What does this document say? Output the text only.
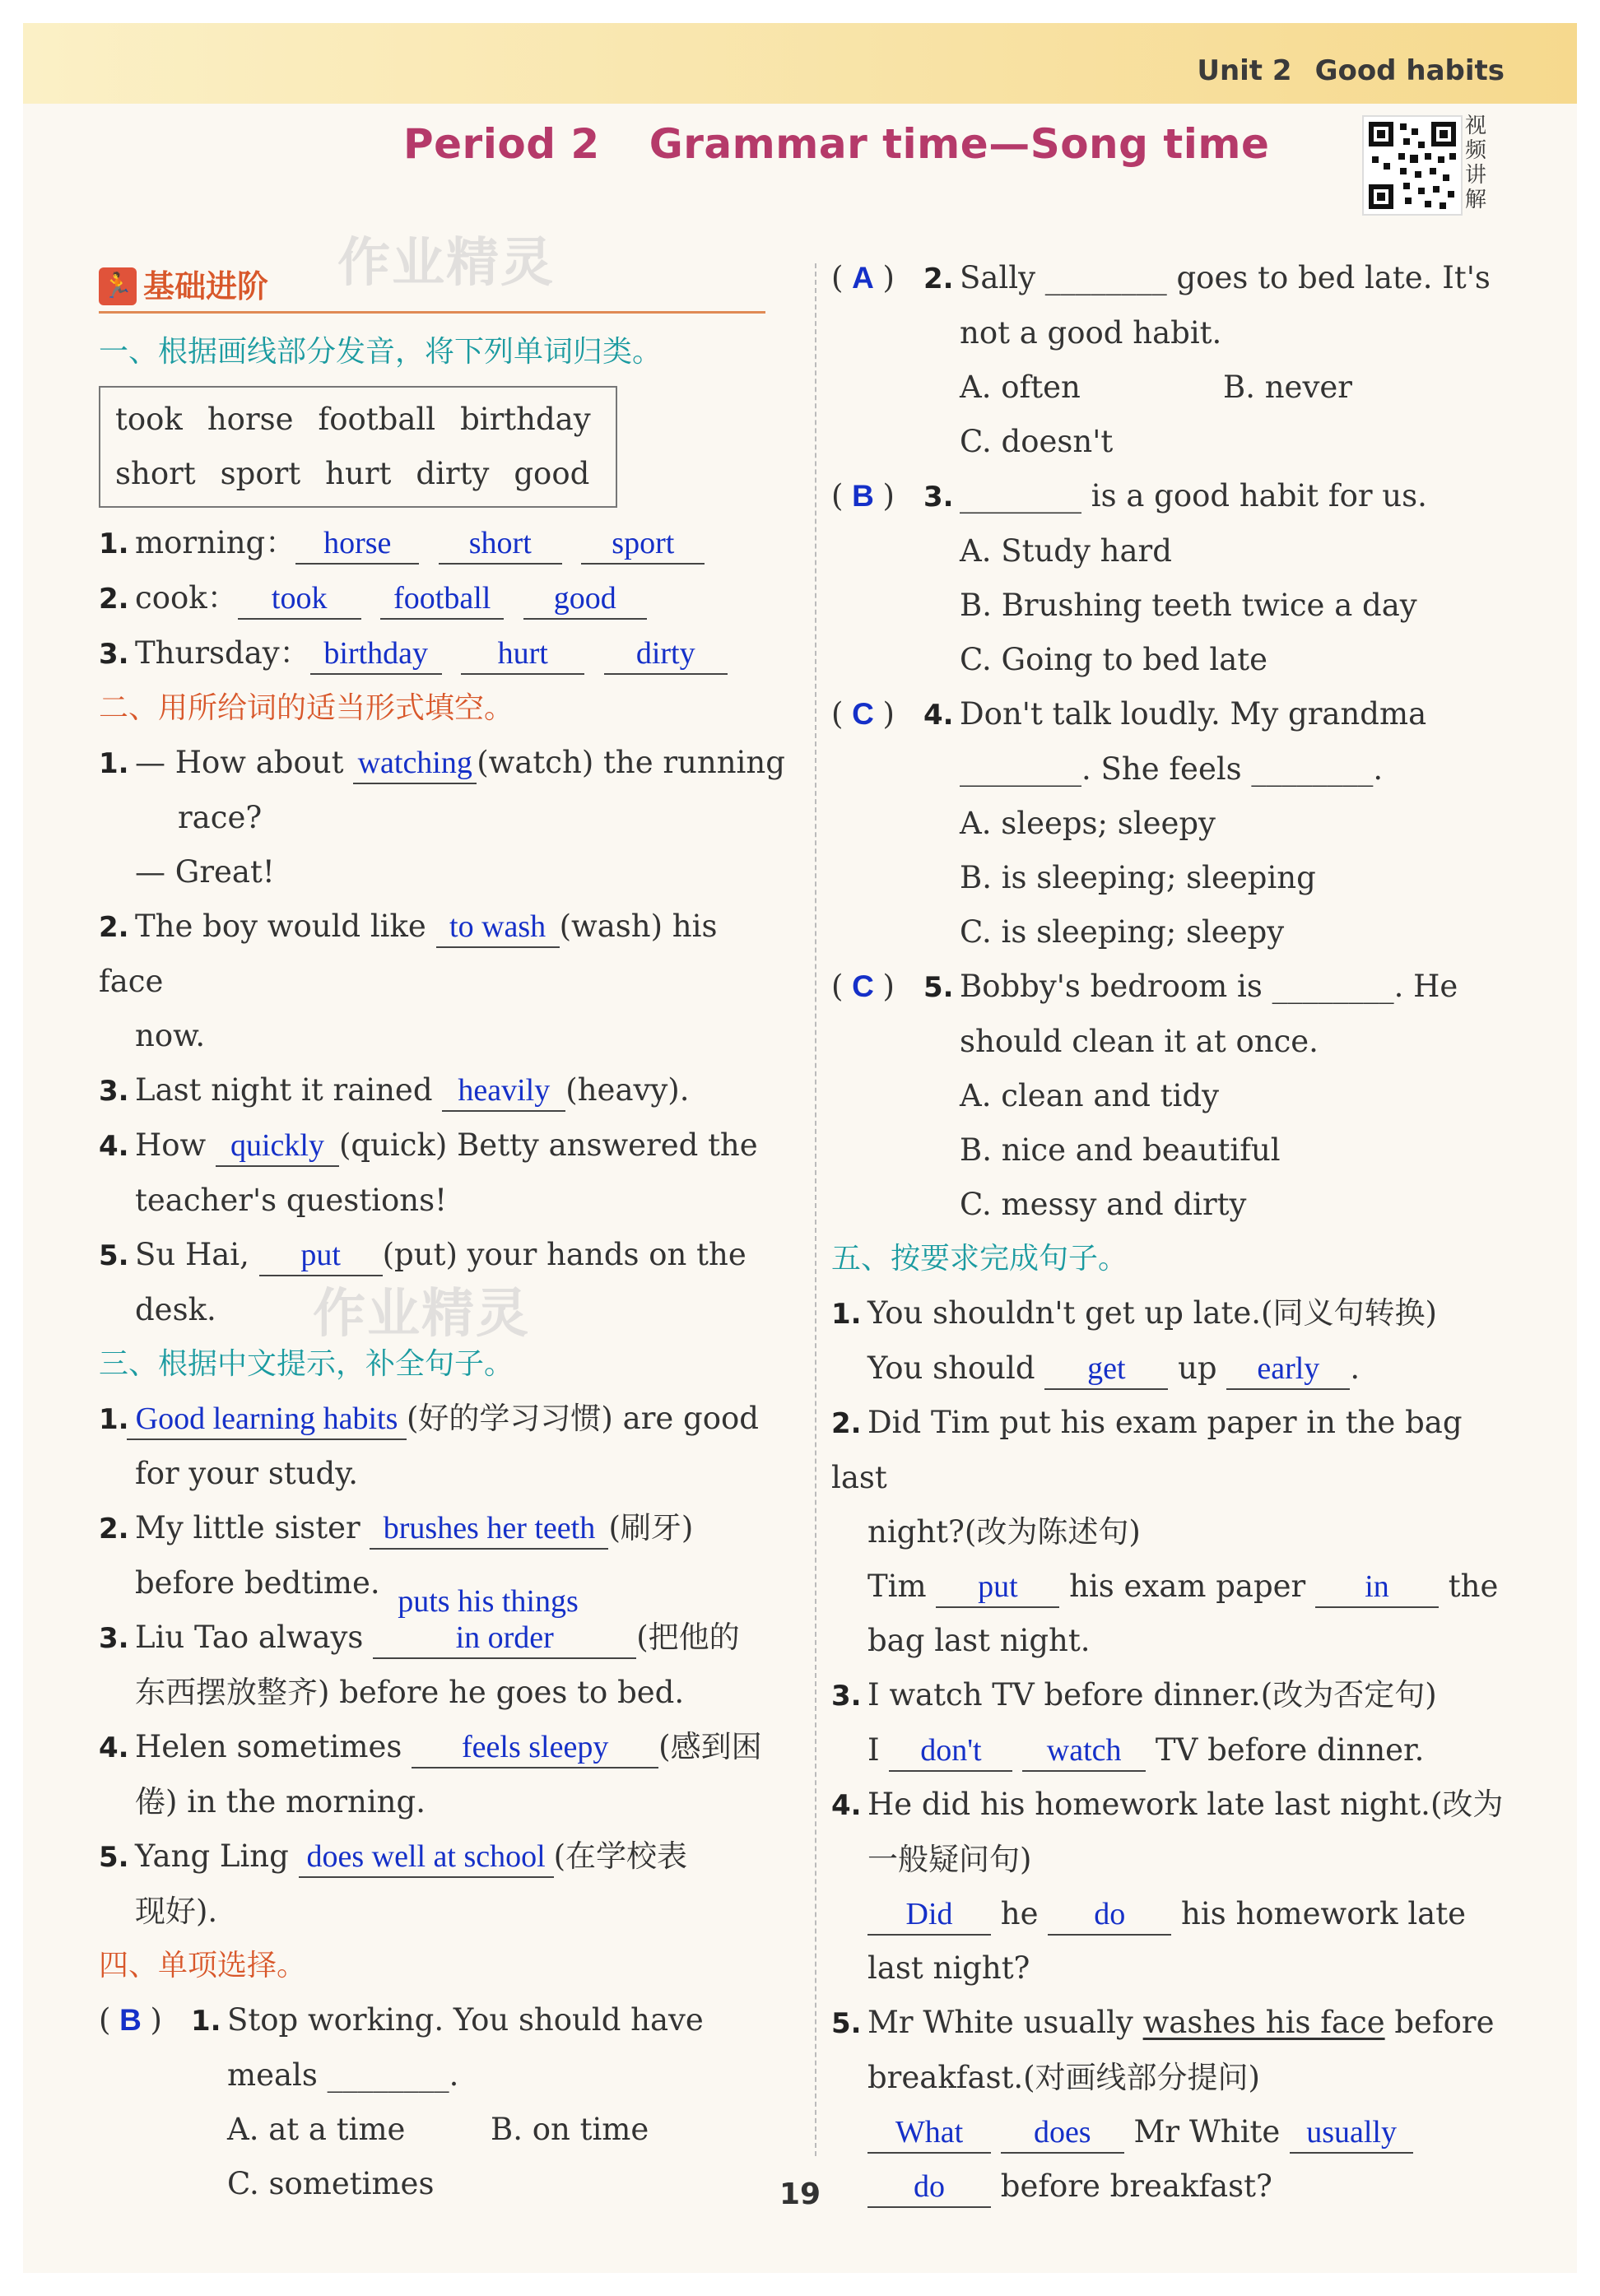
Unit 2 Good habits
Period 2 Grammar time—Song time	视频讲解
作业精灵
作业精灵
🏃 基础进阶
一、根据画线部分发音，将下列单词归类。
took horse football birthday
short sport hurt dirty good
1. morning： horse short	sport
2. cook： took football good
3. Thursday： birthday hurt	dirty
二、用所给词的适当形式填空。
1. — How about watching (watch) the running
race?
— Great!
2. The boy would like to wash (wash) his face
now.
3. Last night it rained heavily (heavy).
4. How quickly (quick) Betty answered the
teacher's questions!
5. Su Hai, put (put) your hands on the
desk.
三、根据中文提示，补全句子。
1. Good learning habits (好的学习习惯) are good
for your study.
2. My little sister brushes her teeth (刷牙)
before bedtime.
3. Liu Tao always
puts his things
in order	(把他的
东西摆放整齐) before he goes to bed.
4. Helen sometimes feels sleepy (感到困
倦) in the morning.
5. Yang Ling does well at school (在学校表
现好).
四、单项选择。
( B ) 1. Stop working. You should have
meals ________.
A. at a time	B. on time
C. sometimes
( A ) 2. Sally ________ goes to bed late. It's
not a good habit.
A. often	B. never
C. doesn't
( B ) 3. ________ is a good habit for us.
A. Study hard
B. Brushing teeth twice a day
C. Going to bed late
( C ) 4. Don't talk loudly. My grandma
________. She feels ________.
A. sleeps; sleepy
B. is sleeping; sleeping
C. is sleeping; sleepy
( C ) 5. Bobby's bedroom is ________. He
should clean it at once.
A. clean and tidy
B. nice and beautiful
C. messy and dirty
五、按要求完成句子。
1. You shouldn't get up late.(同义句转换)
You should get up early .
2. Did Tim put his exam paper in the bag last
night?(改为陈述句)
Tim put his exam paper in the
bag last night.
3. I watch TV before dinner.(改为否定句)
I don't watch TV before dinner.
4. He did his homework late last night.(改为
一般疑问句)
Did he do his homework late
last night?
5. Mr White usually washes his face before
breakfast.(对画线部分提问)
What does Mr White usually
do before breakfast?
19
